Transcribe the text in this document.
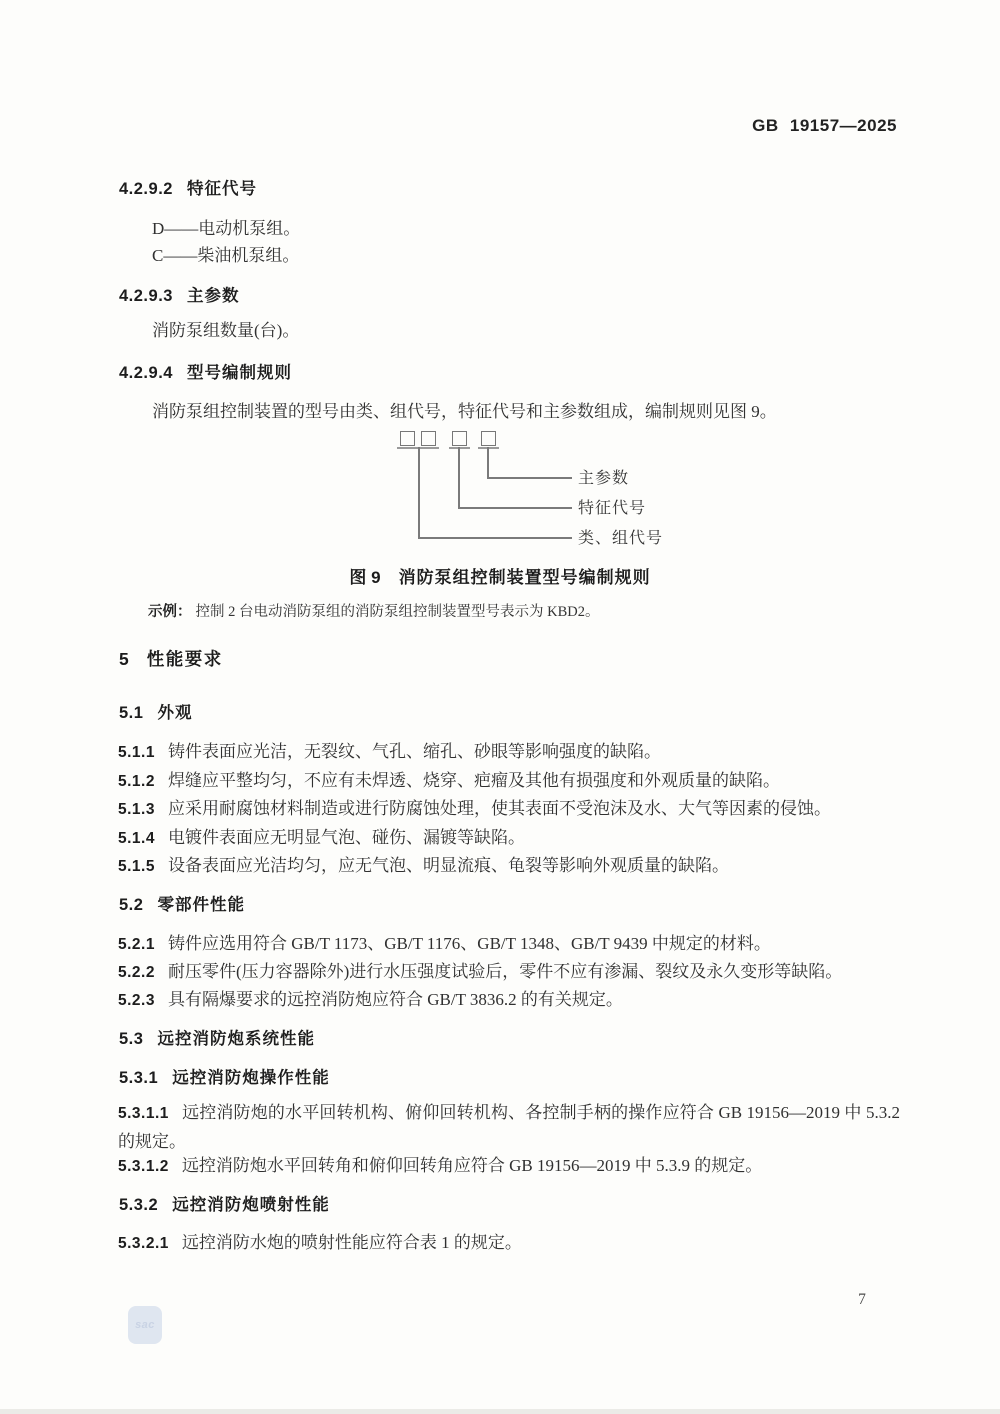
GB 19157—2025
4.2.9.2 特征代号
D——电动机泵组。
C——柴油机泵组。
4.2.9.3 主参数
消防泵组数量(台)。
4.2.9.4 型号编制规则
消防泵组控制装置的型号由类、组代号，特征代号和主参数组成，编制规则见图 9。
主参数
特征代号
类、组代号
图 9 消防泵组控制装置型号编制规则
示例： 控制 2 台电动消防泵组的消防泵组控制装置型号表示为 KBD2。
5 性能要求
5.1 外观
5.1.1 铸件表面应光洁，无裂纹、气孔、缩孔、砂眼等影响强度的缺陷。
5.1.2 焊缝应平整均匀，不应有未焊透、烧穿、疤瘤及其他有损强度和外观质量的缺陷。
5.1.3 应采用耐腐蚀材料制造或进行防腐蚀处理，使其表面不受泡沫及水、大气等因素的侵蚀。
5.1.4 电镀件表面应无明显气泡、碰伤、漏镀等缺陷。
5.1.5 设备表面应光洁均匀，应无气泡、明显流痕、龟裂等影响外观质量的缺陷。
5.2 零部件性能
5.2.1 铸件应选用符合 GB/T 1173、GB/T 1176、GB/T 1348、GB/T 9439 中规定的材料。
5.2.2 耐压零件(压力容器除外)进行水压强度试验后，零件不应有渗漏、裂纹及永久变形等缺陷。
5.2.3 具有隔爆要求的远控消防炮应符合 GB/T 3836.2 的有关规定。
5.3 远控消防炮系统性能
5.3.1 远控消防炮操作性能
5.3.1.1 远控消防炮的水平回转机构、俯仰回转机构、各控制手柄的操作应符合 GB 19156—2019 中 5.3.2 的规定。
5.3.1.2 远控消防炮水平回转角和俯仰回转角应符合 GB 19156—2019 中 5.3.9 的规定。
5.3.2 远控消防炮喷射性能
5.3.2.1 远控消防水炮的喷射性能应符合表 1 的规定。
sac
7
